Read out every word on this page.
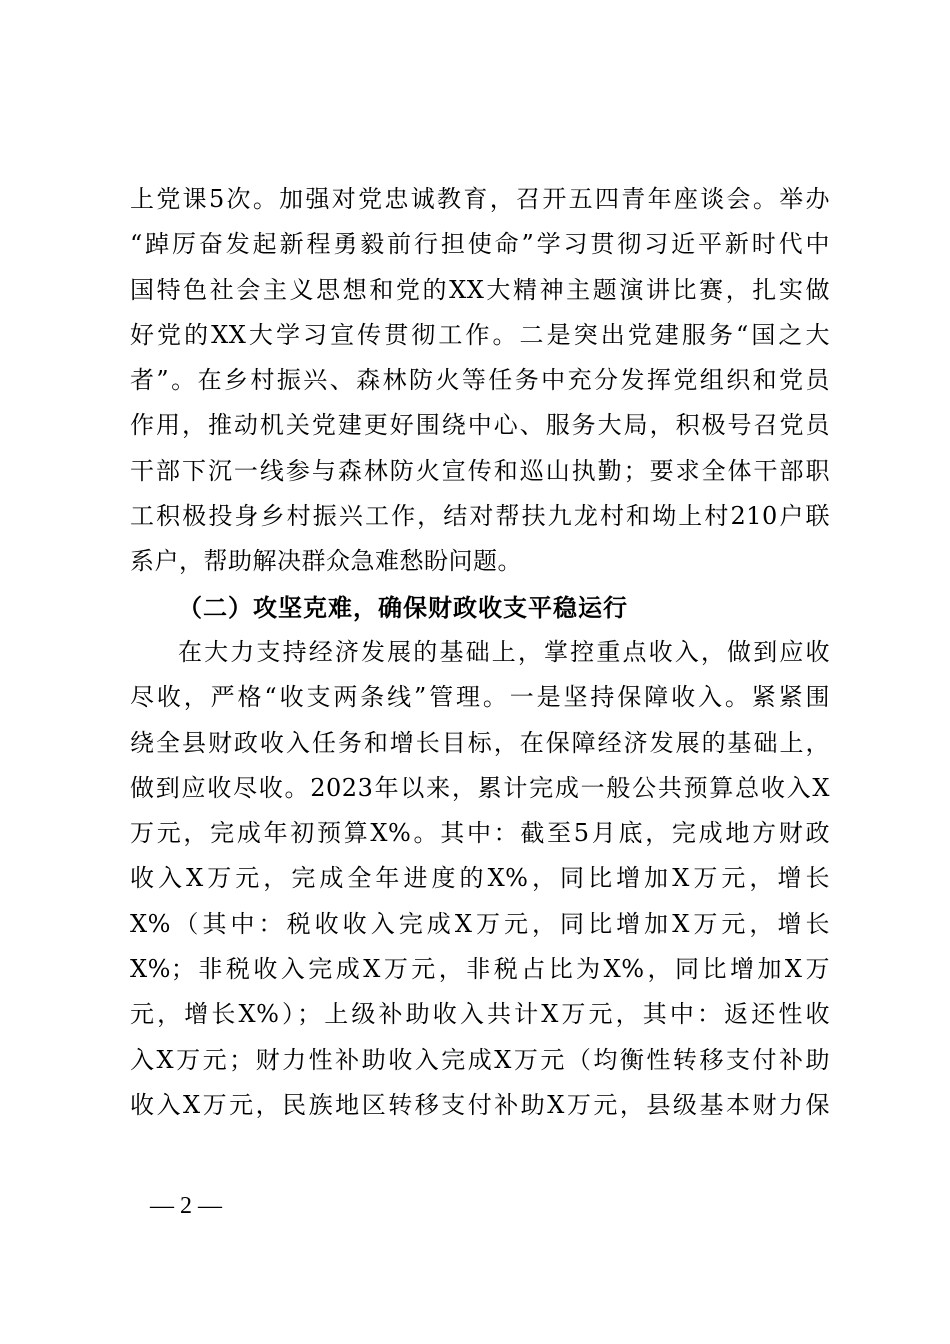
上党课5次。加强对党忠诚教育，召开五四青年座谈会。举办
“踔厉奋发起新程勇毅前行担使命”学习贯彻习近平新时代中
国特色社会主义思想和党的XX大精神主题演讲比赛，扎实做
好党的XX大学习宣传贯彻工作。二是突出党建服务“国之大
者”。在乡村振兴、森林防火等任务中充分发挥党组织和党员
作用，推动机关党建更好围绕中心、服务大局，积极号召党员
干部下沉一线参与森林防火宣传和巡山执勤；要求全体干部职
工积极投身乡村振兴工作，结对帮扶九龙村和坳上村210户联
系户，帮助解决群众急难愁盼问题。
（二）攻坚克难，确保财政收支平稳运行
在大力支持经济发展的基础上，掌控重点收入，做到应收
尽收，严格“收支两条线”管理。一是坚持保障收入。紧紧围
绕全县财政收入任务和增长目标，在保障经济发展的基础上，
做到应收尽收。2023年以来，累计完成一般公共预算总收入X
万元，完成年初预算X%。其中：截至5月底，完成地方财政
收入X万元，完成全年进度的X%，同比增加X万元，增长
X%（其中：税收收入完成X万元，同比增加X万元，增长
X%；非税收入完成X万元，非税占比为X%，同比增加X万
元，增长X%）；上级补助收入共计X万元，其中：返还性收
入X万元；财力性补助收入完成X万元（均衡性转移支付补助
收入X万元，民族地区转移支付补助X万元，县级基本财力保
— 2 —
